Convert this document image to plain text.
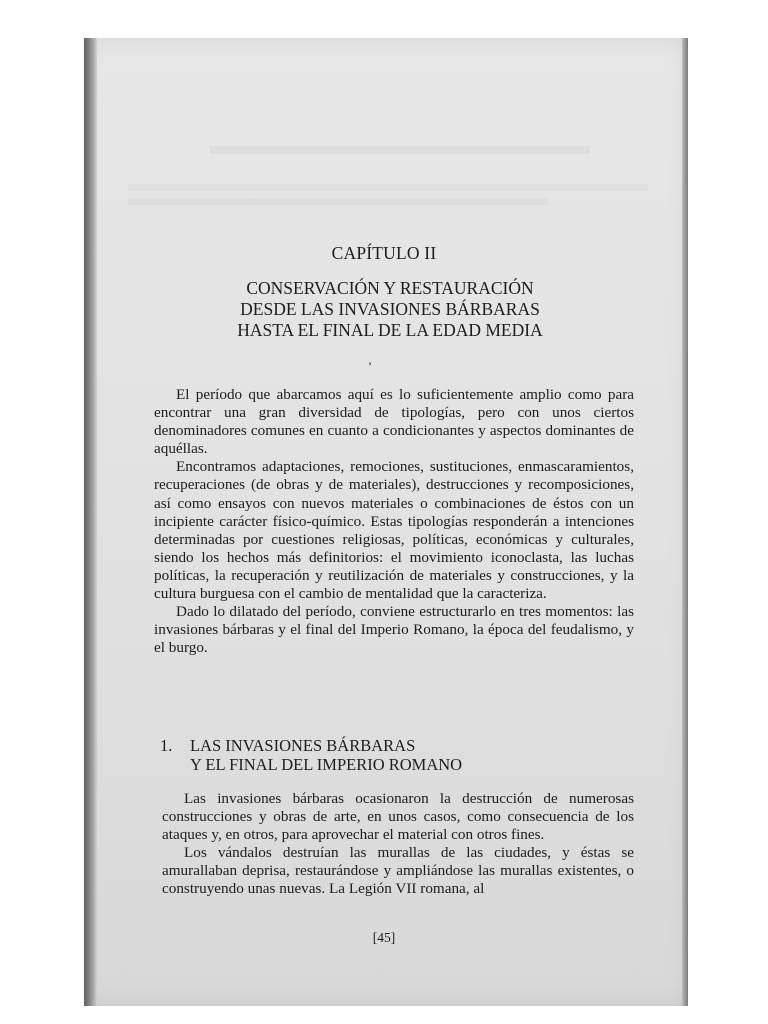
CAPÍTULO II
CONSERVACIÓN Y RESTAURACIÓN
DESDE LAS INVASIONES BÁRBARAS
HASTA EL FINAL DE LA EDAD MEDIA
’

El período que abarcamos aquí es lo suficientemente amplio como para encontrar una gran diversidad de tipologías, pero con unos ciertos denominadores comunes en cuanto a condicionantes y aspectos dominantes de aquéllas.

Encontramos adaptaciones, remociones, sustituciones, enmascaramientos, recuperaciones (de obras y de materiales), destrucciones y recomposiciones, así como ensayos con nuevos materiales o combinaciones de éstos con un incipiente carácter físico-químico. Estas tipologías responderán a intenciones determinadas por cuestiones religiosas, políticas, económicas y culturales, siendo los hechos más definitorios: el movimiento iconoclasta, las luchas políticas, la recuperación y reutilización de materiales y construcciones, y la cultura burguesa con el cambio de mentalidad que la caracteriza.

Dado lo dilatado del período, conviene estructurarlo en tres momentos: las invasiones bárbaras y el final del Imperio Romano, la época del feudalismo, y el burgo.

1. LAS INVASIONES BÁRBARAS
Y EL FINAL DEL IMPERIO ROMANO

Las invasiones bárbaras ocasionaron la destrucción de numerosas construcciones y obras de arte, en unos casos, como consecuencia de los ataques y, en otros, para aprovechar el material con otros fines.

Los vándalos destruían las murallas de las ciudades, y éstas se amurallaban deprisa, restaurándose y ampliándose las murallas existentes, o construyendo unas nuevas. La Legión VII romana, al

[45]
